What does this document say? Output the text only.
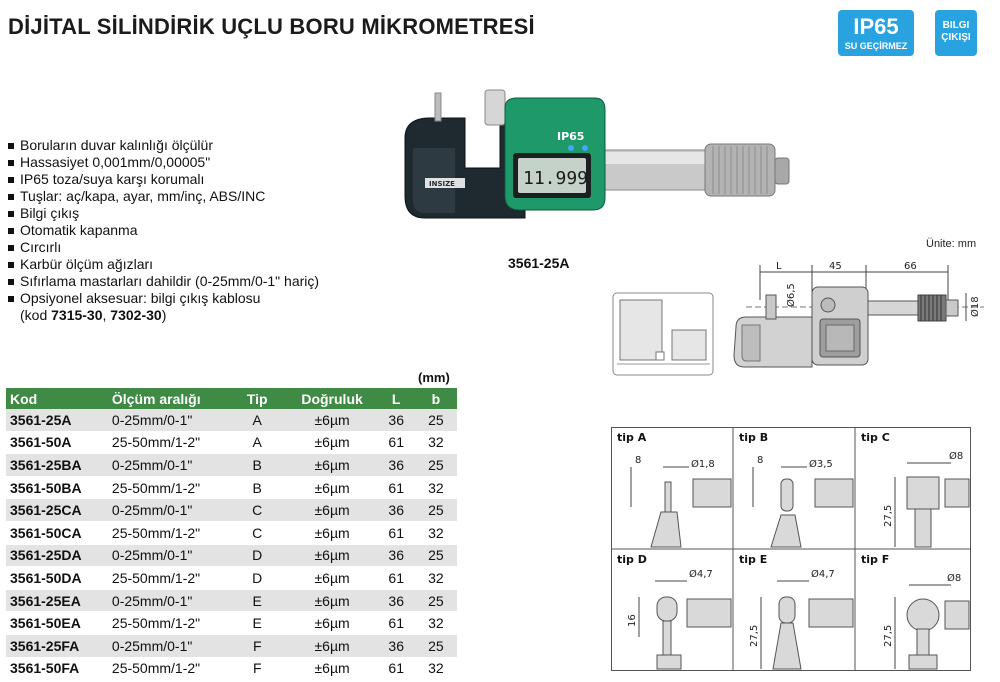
DİJİTAL SİLİNDİRİK UÇLU BORU MİKROMETRESİ	IP65
SU GEÇİRMEZ
BILGI
ÇIKIŞI
Boruların duvar kalınlığı ölçülür
Hassasiyet 0,001mm/0,00005"
IP65 toza/suya karşı korumalı
Tuşlar: aç/kapa, ayar, mm/inç, ABS/INC
Bilgi çıkış
Otomatik kapanma
Cırcırlı
Karbür ölçüm ağızları
Sıfırlama mastarları dahildir (0-25mm/0-1" hariç)
Opsiyonel aksesuar: bilgi çıkış kablosu
(kod 7315-30, 7302-30)
11.999
IP65
INSIZE
3561-25A
Ünite: mm
L	45	66
Ø6,5	Ø18
(mm)
Kod	Ölçüm aralığı	Tip	Doğruluk	L	b
3561-25A	0-25mm/0-1"	A	±6µm	36	25
3561-50A	25-50mm/1-2"	A	±6µm	61	32
3561-25BA	0-25mm/0-1"	B	±6µm	36	25
3561-50BA	25-50mm/1-2"	B	±6µm	61	32
3561-25CA	0-25mm/0-1"	C	±6µm	36	25
3561-50CA	25-50mm/1-2"	C	±6µm	61	32
3561-25DA	0-25mm/0-1"	D	±6µm	36	25
3561-50DA	25-50mm/1-2"	D	±6µm	61	32
3561-25EA	0-25mm/0-1"	E	±6µm	36	25
3561-50EA	25-50mm/1-2"	E	±6µm	61	32
3561-25FA	0-25mm/0-1"	F	±6µm	36	25
3561-50FA	25-50mm/1-2"	F	±6µm	61	32
tip A
8	Ø1,8
tip B
8	Ø3,5
tip C
Ø8
27,5
tip D
Ø4,7
16
tip E
Ø4,7
27,5
tip F
Ø8
27,5
